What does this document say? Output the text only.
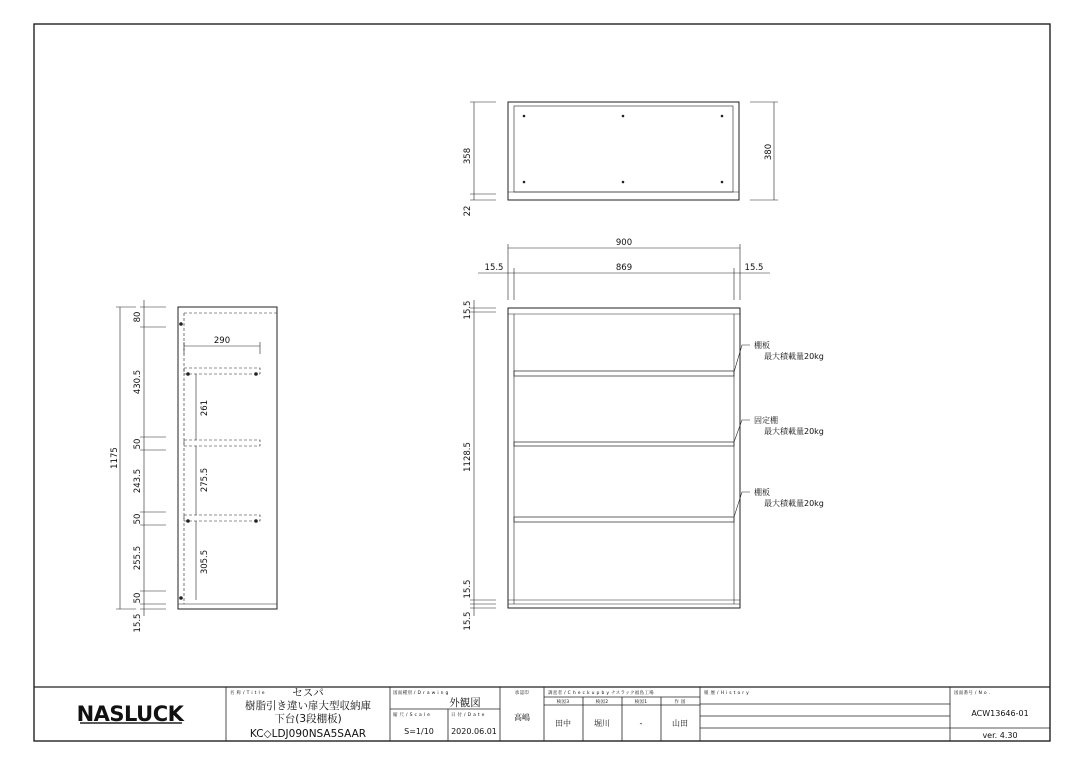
358
22
380
900
869
15.5	15.5
15.5
1128.5
15.5
15.5
棚板
最大積載量20kg
固定棚
最大積載量20kg
棚板
最大積載量20kg
290
261
275.5
305.5
1175
80
430.5
50
243.5
50
255.5
50
15.5
NASLUCK
名 称 / T i t l e	セスパ
樹脂引き違い扉大型収納庫
下台(3段棚板)
KC◇LDJ090NSA5SAAR
図面種別 / D r a w i n g
外観図
縮 尺 / S c a l e
S=1/10
日 付 / D a t e
2020.06.01
承認印
高嶋
調査者 / C h e c k u p b y ナスラック福島工場
検図3	検図2	検図1	作 図
田中	堀川	-	山田
履 歴 / H i s t o r y	図面番号 / N o .
ACW13646-01
ver. 4.30
